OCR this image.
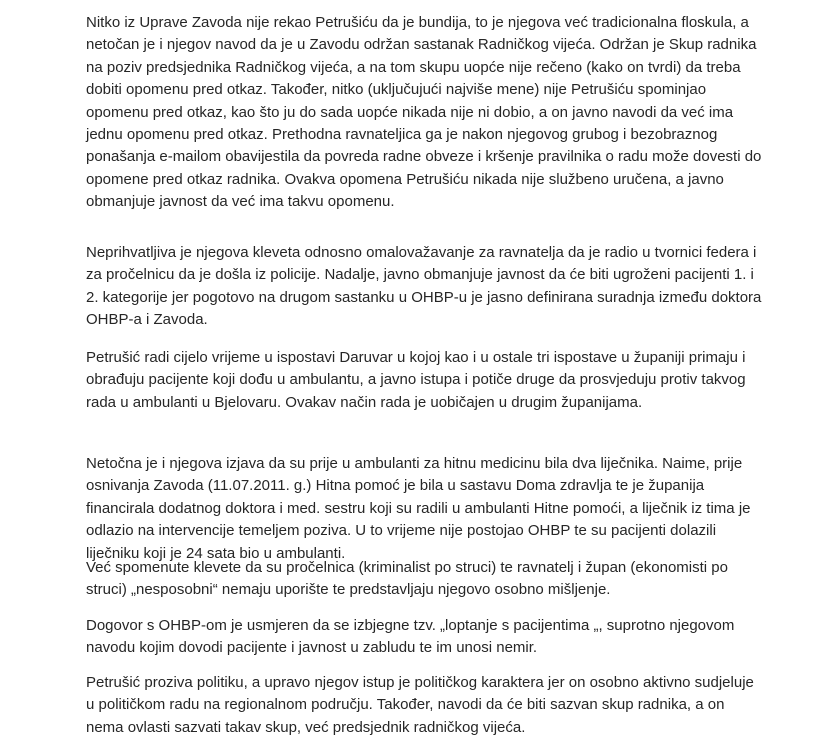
Nitko iz Uprave Zavoda nije rekao Petrušiću da je bundija, to je njegova već tradicionalna floskula, a
netočan je i njegov navod da je u Zavodu održan sastanak Radničkog vijeća. Održan je Skup radnika
na poziv predsjednika Radničkog vijeća, a na tom skupu uopće nije rečeno (kako on tvrdi) da treba
dobiti opomenu pred otkaz. Također, nitko (uključujući najviše mene) nije Petrušiću spominjao
opomenu pred otkaz, kao što ju do sada uopće nikada nije ni dobio, a on javno navodi da već ima
jednu opomenu pred otkaz. Prethodna ravnateljica ga je nakon njegovog grubog i bezobraznog
ponašanja e-mailom obavijestila da povreda radne obveze i kršenje pravilnika o radu može dovesti do
opomene pred otkaz radnika. Ovakva opomena Petrušiću nikada nije službeno uručena, a javno
obmanjuje javnost da već ima takvu opomenu.

Neprihvatljiva je njegova kleveta odnosno omalovažavanje za ravnatelja da je radio u tvornici federa i
za pročelnicu da je došla iz policije. Nadalje, javno obmanjuje javnost da će biti ugroženi pacijenti 1. i
2. kategorije jer pogotovo na drugom sastanku u OHBP-u je jasno definirana suradnja između doktora
OHBP-a i Zavoda.

Petrušić radi cijelo vrijeme u ispostavi Daruvar u kojoj kao i u ostale tri ispostave u županiji primaju i
obrađuju pacijente koji dođu u ambulantu, a javno istupa i potiče druge da prosvjeduju protiv takvog
rada u ambulanti u Bjelovaru. Ovakav način rada je uobičajen u drugim županijama.

Netočna je i njegova izjava da su prije u ambulanti za hitnu medicinu bila dva liječnika. Naime, prije
osnivanja Zavoda (11.07.2011. g.) Hitna pomoć je bila u sastavu Doma zdravlja te je županija
financirala dodatnog doktora i med. sestru koji su radili u ambulanti Hitne pomoći, a liječnik iz tima je
odlazio na intervencije temeljem poziva. U to vrijeme nije postojao OHBP te su pacijenti dolazili
liječniku koji je 24 sata bio u ambulanti.

Već spomenute klevete da su pročelnica (kriminalist po struci) te ravnatelj i župan (ekonomisti po
struci) „nesposobni“ nemaju uporište te predstavljaju njegovo osobno mišljenje.

Dogovor s OHBP-om je usmjeren da se izbjegne tzv. „loptanje s pacijentima „, suprotno njegovom
navodu kojim dovodi pacijente i javnost u zabludu te im unosi nemir.

Petrušić proziva politiku, a upravo njegov istup je političkog karaktera jer on osobno aktivno sudjeluje
u političkom radu na regionalnom području. Također, navodi da će biti sazvan skup radnika, a on
nema ovlasti sazvati takav skup, već predsjednik radničkog vijeća.
